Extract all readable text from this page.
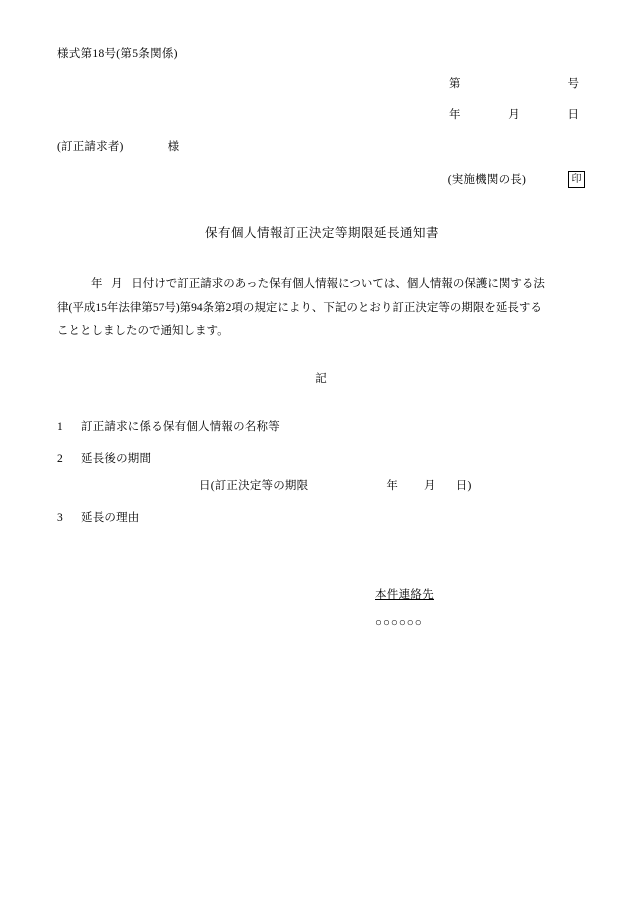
様式第18号(第5条関係)
第	号
年	月	日
(訂正請求者)	様
(実施機関の長)	印
保有個人情報訂正決定等期限延長通知書

年 月 日付けで訂正請求のあった保有個人情報については、個人情報の保護に関する法

律(平成15年法律第57号)第94条第2項の規定により、下記のとおり訂正決定等の期限を延長する

こととしましたので通知します。

記
1	訂正請求に係る保有個人情報の名称等
2	延長後の期間
日(訂正決定等の期限	年 月 日)
3	延長の理由
本件連絡先
○○○○○○
